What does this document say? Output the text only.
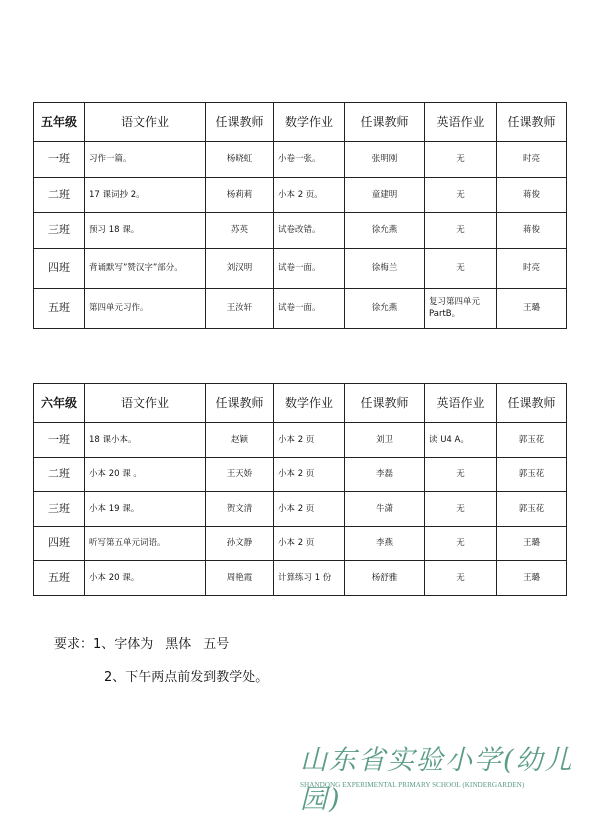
五年级	语文作业	任课教师	数学作业	任课教师	英语作业	任课教师
一班	习作一篇。	杨晓虹	小卷一张。	张明刚	无	时亮
二班	17 课词抄 2。	杨莉莉	小本 2 页。	童建明	无	蒋俊
三班	预习 18 课。	苏英	试卷改错。	徐允燕	无	蒋俊
四班	背诵默写”赞汉字”部分。	刘汉明	试卷一面。	徐梅兰	无	时亮
五班	第四单元习作。	王汝轩	试卷一面。	徐允燕	复习第四单元 PartB。	王璐
六年级	语文作业	任课教师	数学作业	任课教师	英语作业	任课教师
一班	18 课小本。	赵颖	小本 2 页	刘卫	读 U4 A。	郭玉花
二班	小本 20 课 。	王天娇	小本 2 页	李磊	无	郭玉花
三班	小本 19 课。	贺文清	小本 2 页	牛潇	无	郭玉花
四班	听写第五单元词语。	孙文静	小本 2 页	李燕	无	王璐
五班	小本 20 课。	周艳霞	计算练习 1 份	杨舒雅	无	王璐
要求：1、字体为 黑体 五号
2、下午两点前发到教学处。
山东省实验小学(幼儿园)
SHANDONG EXPERIMENTAL PRIMARY SCHOOL (KINDERGARDEN)
